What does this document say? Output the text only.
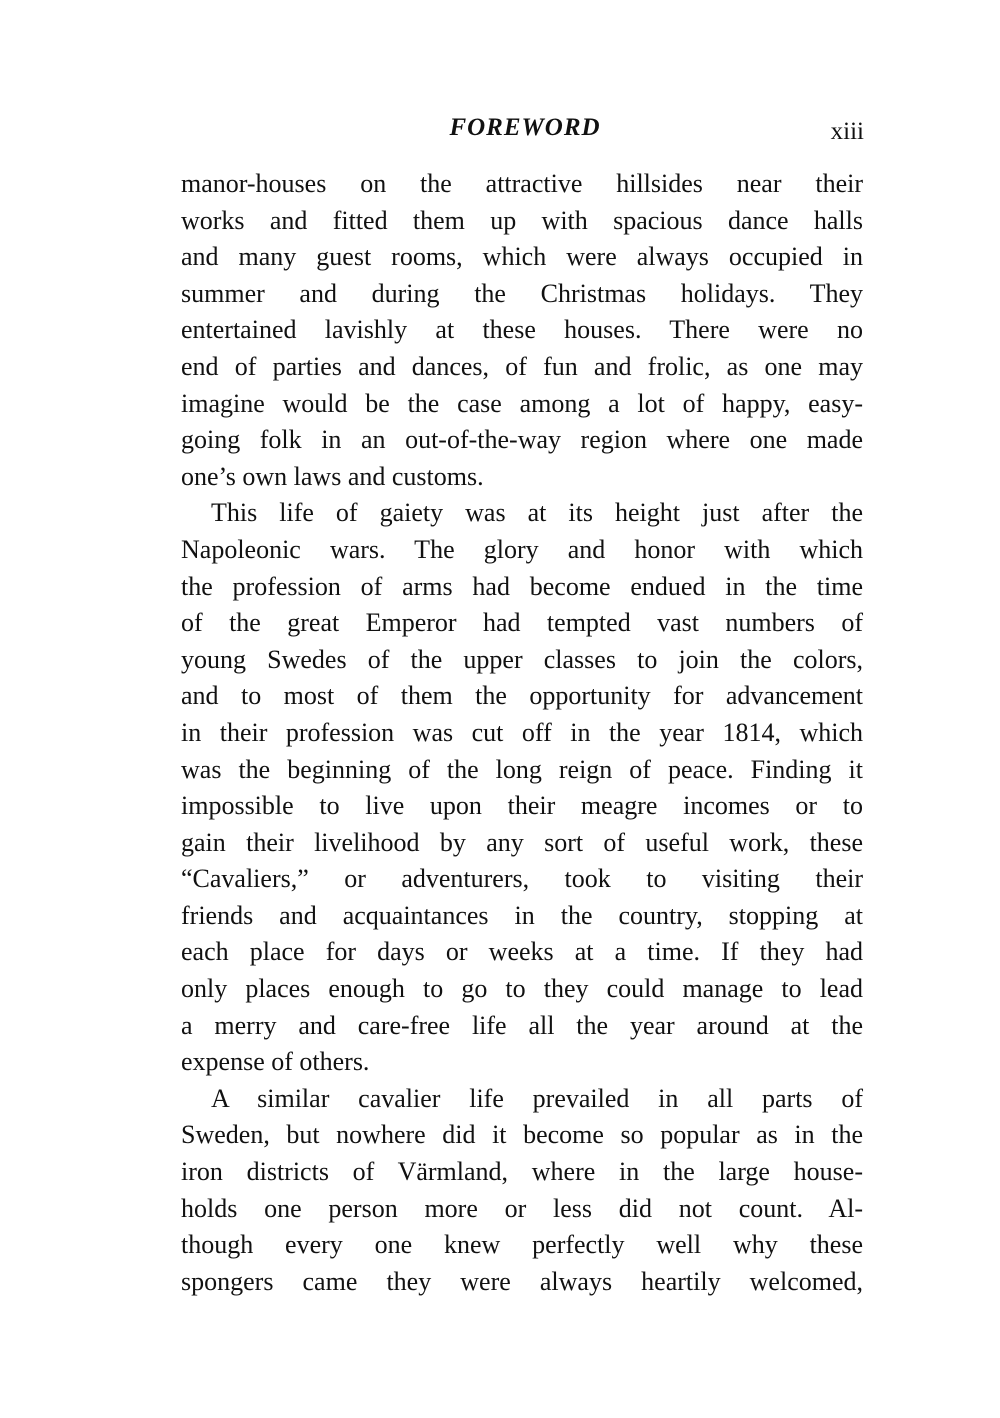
FOREWORD	xiii
manor-houses on the attractive hillsides near their
works and fitted them up with spacious dance halls
and many guest rooms, which were always occupied in
summer and during the Christmas holidays. They
entertained lavishly at these houses. There were no
end of parties and dances, of fun and frolic, as one may
imagine would be the case among a lot of happy, easy-
going folk in an out-of-the-way region where one made
one’s own laws and customs.
This life of gaiety was at its height just after the
Napoleonic wars. The glory and honor with which
the profession of arms had become endued in the time
of the great Emperor had tempted vast numbers of
young Swedes of the upper classes to join the colors,
and to most of them the opportunity for advancement
in their profession was cut off in the year 1814, which
was the beginning of the long reign of peace. Finding it
impossible to live upon their meagre incomes or to
gain their livelihood by any sort of useful work, these
“Cavaliers,” or adventurers, took to visiting their
friends and acquaintances in the country, stopping at
each place for days or weeks at a time. If they had
only places enough to go to they could manage to lead
a merry and care-free life all the year around at the
expense of others.
A similar cavalier life prevailed in all parts of
Sweden, but nowhere did it become so popular as in the
iron districts of Värmland, where in the large house-
holds one person more or less did not count. Al-
though every one knew perfectly well why these
spongers came they were always heartily welcomed,
